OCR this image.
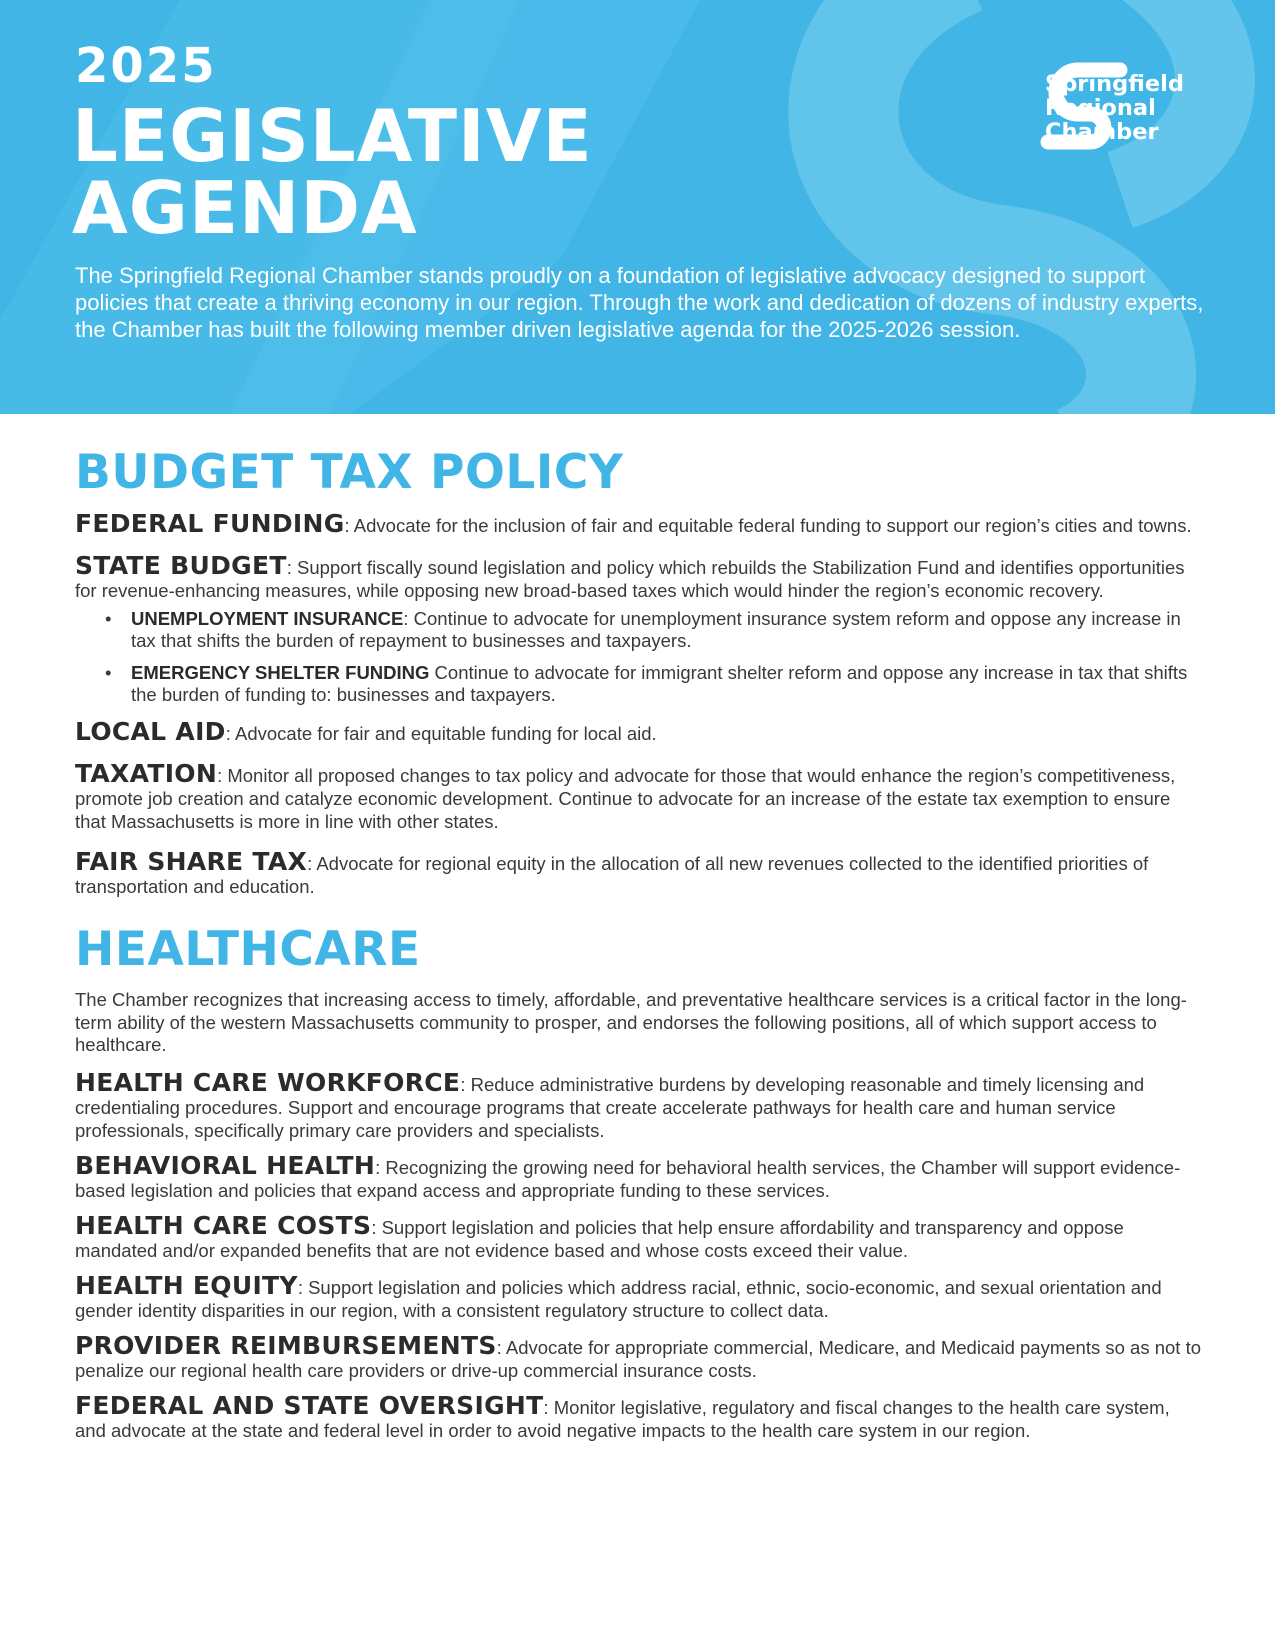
2025
LEGISLATIVE
AGENDA

The Springfield Regional Chamber stands proudly on a foundation of legislative advocacy designed to support policies that create a thriving economy in our region. Through the work and dedication of dozens of industry experts, the Chamber has built the following member driven legislative agenda for the 2025-2026 session.

Springfield
Regional
Chamber
BUDGET TAX POLICY

FEDERAL FUNDING: Advocate for the inclusion of fair and equitable federal funding to support our region’s cities and towns.

STATE BUDGET: Support fiscally sound legislation and policy which rebuilds the Stabilization Fund and identifies opportunities for revenue-enhancing measures, while opposing new broad-based taxes which would hinder the region’s economic recovery.

• UNEMPLOYMENT INSURANCE: Continue to advocate for unemployment insurance system reform and oppose any increase in tax that shifts the burden of repayment to businesses and taxpayers.
• EMERGENCY SHELTER FUNDING Continue to advocate for immigrant shelter reform and oppose any increase in tax that shifts the burden of funding to: businesses and taxpayers.

LOCAL AID: Advocate for fair and equitable funding for local aid.

TAXATION: Monitor all proposed changes to tax policy and advocate for those that would enhance the region’s competitiveness, promote job creation and catalyze economic development. Continue to advocate for an increase of the estate tax exemption to ensure that Massachusetts is more in line with other states.

FAIR SHARE TAX: Advocate for regional equity in the allocation of all new revenues collected to the identified priorities of transportation and education.

HEALTHCARE

The Chamber recognizes that increasing access to timely, affordable, and preventative healthcare services is a critical factor in the long-term ability of the western Massachusetts community to prosper, and endorses the following positions, all of which support access to healthcare.

HEALTH CARE WORKFORCE: Reduce administrative burdens by developing reasonable and timely licensing and credentialing procedures. Support and encourage programs that create accelerate pathways for health care and human service professionals, specifically primary care providers and specialists.

BEHAVIORAL HEALTH: Recognizing the growing need for behavioral health services, the Chamber will support evidence-based legislation and policies that expand access and appropriate funding to these services.

HEALTH CARE COSTS: Support legislation and policies that help ensure affordability and transparency and oppose mandated and/or expanded benefits that are not evidence based and whose costs exceed their value.

HEALTH EQUITY: Support legislation and policies which address racial, ethnic, socio-economic, and sexual orientation and gender identity disparities in our region, with a consistent regulatory structure to collect data.

PROVIDER REIMBURSEMENTS: Advocate for appropriate commercial, Medicare, and Medicaid payments so as not to penalize our regional health care providers or drive-up commercial insurance costs.

FEDERAL AND STATE OVERSIGHT: Monitor legislative, regulatory and fiscal changes to the health care system, and advocate at the state and federal level in order to avoid negative impacts to the health care system in our region.
